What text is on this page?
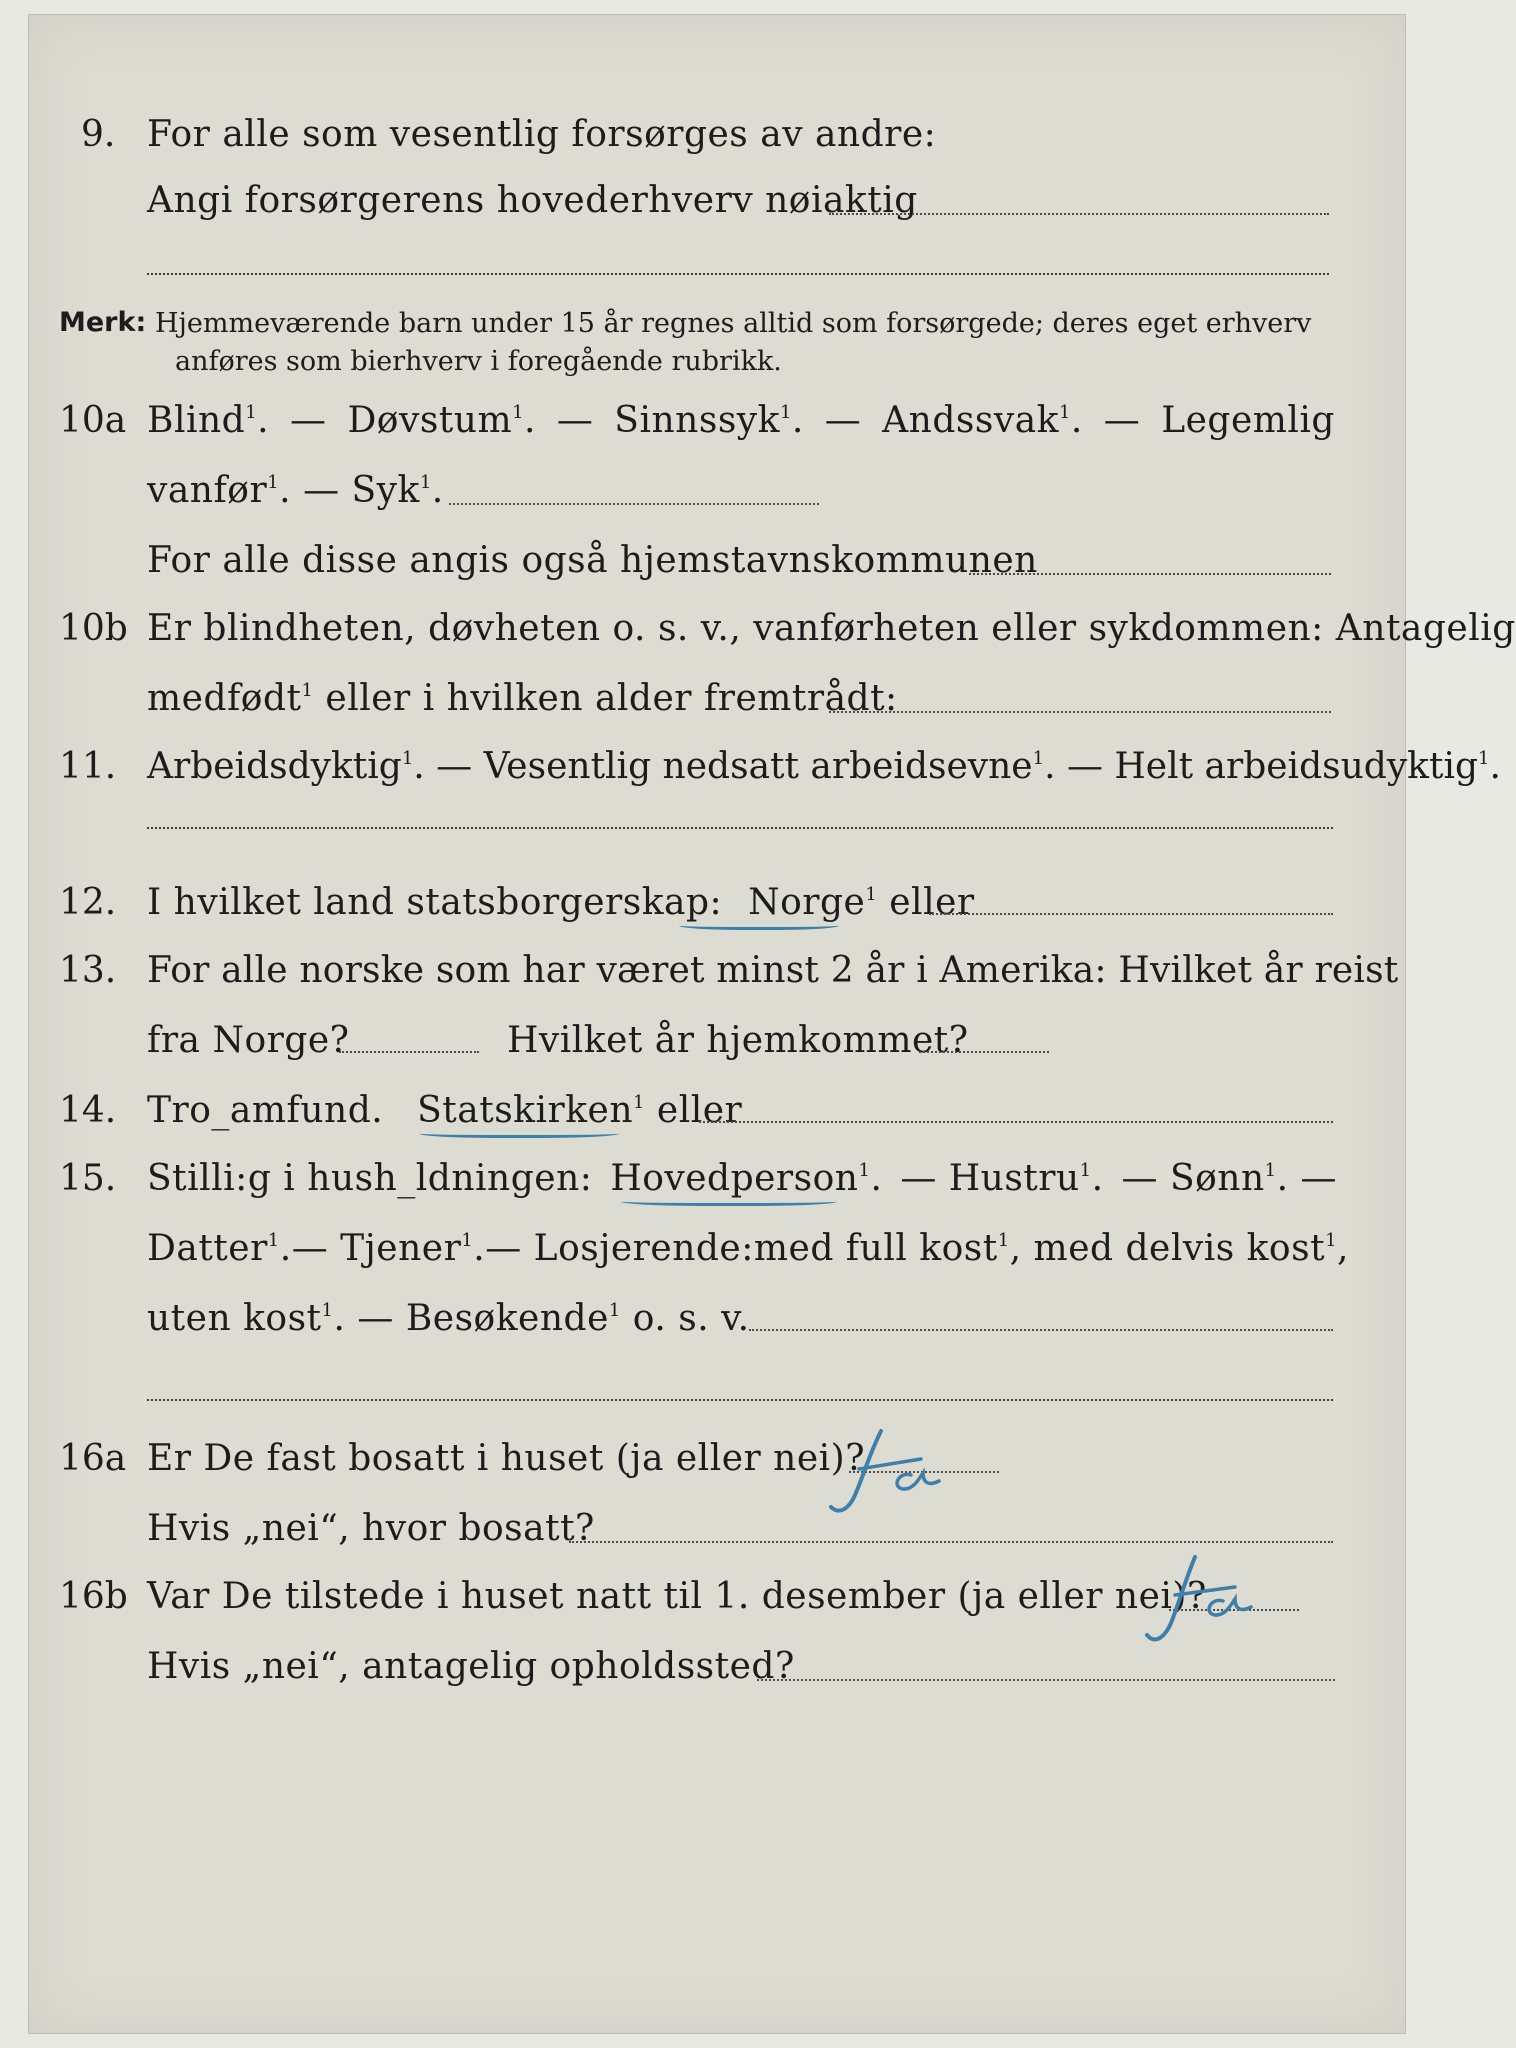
9. For alle som vesentlig forsørges av andre:
Angi forsørgerens hovederhverv nøiaktig
Merk: Hjemmeværende barn under 15 år regnes alltid som forsørgede; deres eget erhverv
anføres som bierhverv i foregående rubrikk.
10a Blind$^1$. — Døvstum$^1$. — Sinnssyk$^1$. — Andssvak$^1$. — Legemlig
vanfør$^1$. — Syk$^1$.
For alle disse angis også hjemstavnskommunen
10b Er blindheten, døvheten o. s. v., vanførheten eller sykdommen: Antagelig
medfødt$^1$ eller i hvilken alder fremtrådt:
11. Arbeidsdyktig$^1$. — Vesentlig nedsatt arbeidsevne$^1$. — Helt arbeidsudyktig$^1$.
12. I hvilket land statsborgerskap: Norge$^1$ eller
13. For alle norske som har været minst 2 år i Amerika: Hvilket år reist
fra Norge?	Hvilket år hjemkommet?
14. Tro_amfund. Statskirken$^1$ eller
15. Stilli:g i hush_ldningen: Hovedperson$^1$. — Hustru$^1$. — Sønn$^1$. —
Datter$^1$. — Tjener$^1$. — Losjerende: med full kost$^1$ , med delvis kost$^1$,
uten kost$^1$. — Besøkende$^1$ o. s. v.
16a Er De fast bosatt i huset (ja eller nei)?
Hvis „nei“, hvor bosatt?
16b Var De tilstede i huset natt til 1. desember (ja eller nei)?
Hvis „nei“, antagelig opholdssted?
